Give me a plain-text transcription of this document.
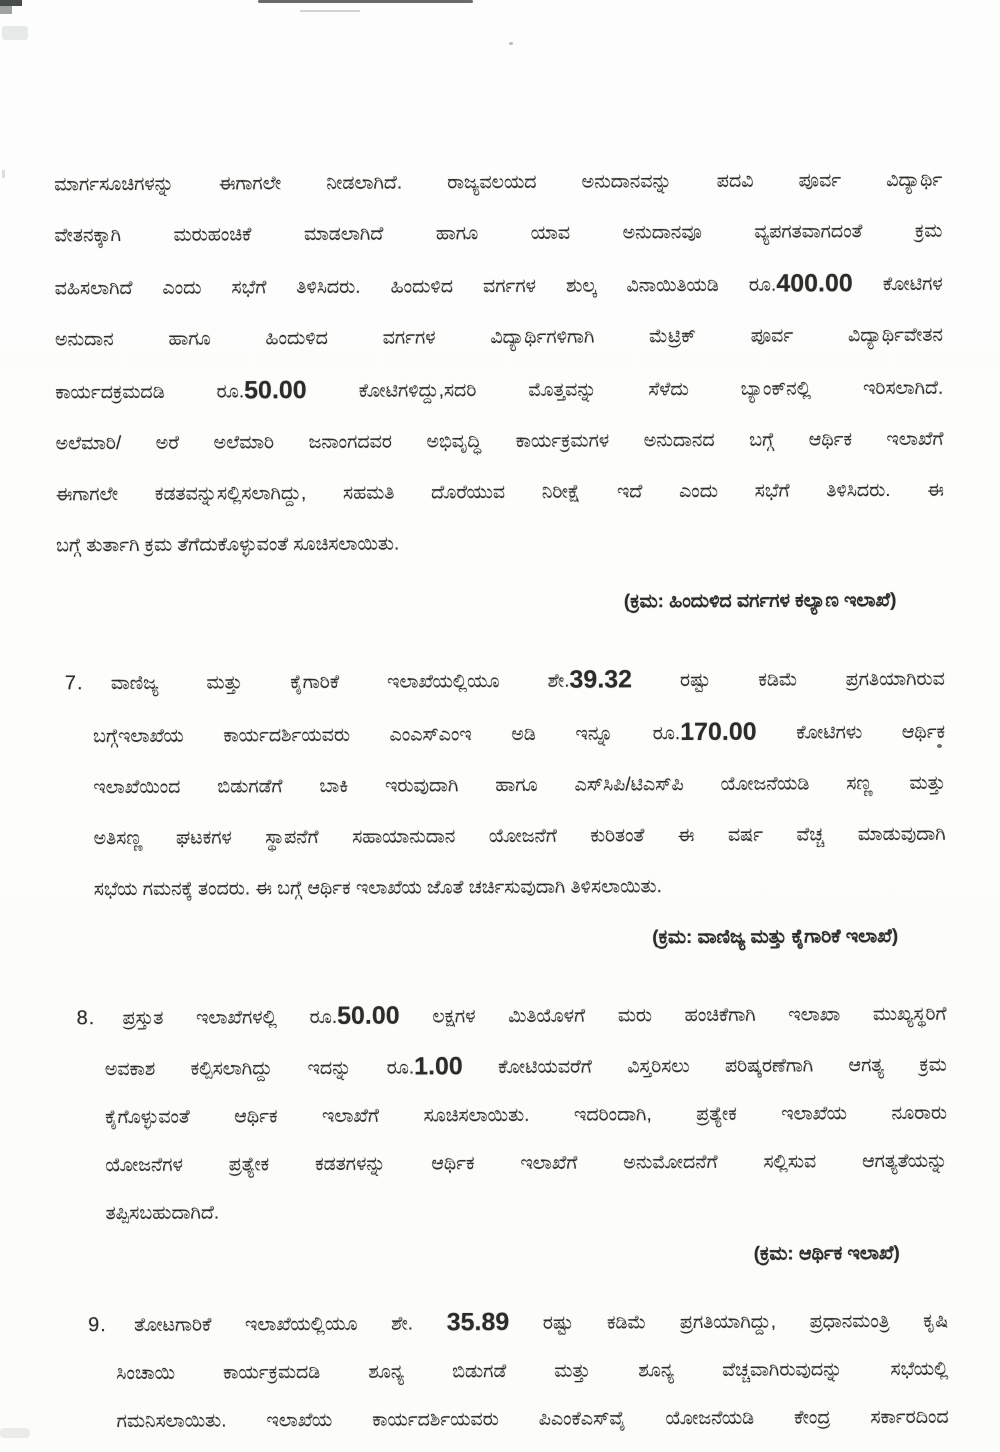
ಮಾರ್ಗಸೂಚಿಗಳನ್ನು ಈಗಾಗಲೇ ನೀಡಲಾಗಿದೆ. ರಾಜ್ಯವಲಯದ ಅನುದಾನವನ್ನು ಪದವಿ ಪೂರ್ವ ವಿದ್ಯಾರ್ಥಿ
ವೇತನಕ್ಕಾಗಿ ಮರುಹಂಚಿಕೆ ಮಾಡಲಾಗಿದೆ ಹಾಗೂ ಯಾವ ಅನುದಾನವೂ ವ್ಯಪಗತವಾಗದಂತೆ ಕ್ರಮ
ವಹಿಸಲಾಗಿದೆ ಎಂದು ಸಭೆಗೆ ತಿಳಿಸಿದರು. ಹಿಂದುಳಿದ ವರ್ಗಗಳ ಶುಲ್ಕ ವಿನಾಯಿತಿಯಡಿ ರೂ.400.00 ಕೋಟಿಗಳ
ಅನುದಾನ ಹಾಗೂ ಹಿಂದುಳಿದ ವರ್ಗಗಳ ವಿದ್ಯಾರ್ಥಿಗಳಿಗಾಗಿ ಮೆಟ್ರಿಕ್ ಪೂರ್ವ ವಿದ್ಯಾರ್ಥಿವೇತನ
ಕಾರ್ಯದಕ್ರಮದಡಿ ರೂ.50.00 ಕೋಟಿಗಳಿದ್ದು,ಸದರಿ ಮೊತ್ತವನ್ನು ಸೆಳೆದು ಬ್ಯಾಂಕ್‌ನಲ್ಲಿ ಇರಿಸಲಾಗಿದೆ.
ಅಲೆಮಾರಿ/ ಅರೆ ಅಲೆಮಾರಿ ಜನಾಂಗದವರ ಅಭಿವೃದ್ಧಿ ಕಾರ್ಯಕ್ರಮಗಳ ಅನುದಾನದ ಬಗ್ಗೆ ಆರ್ಥಿಕ ಇಲಾಖೆಗೆ
ಈಗಾಗಲೇ ಕಡತವನ್ನುಸಲ್ಲಿಸಲಾಗಿದ್ದು, ಸಹಮತಿ ದೊರೆಯುವ ನಿರೀಕ್ಷೆ ಇದೆ ಎಂದು ಸಭೆಗೆ ತಿಳಿಸಿದರು. ಈ
ಬಗ್ಗೆ ತುರ್ತಾಗಿ ಕ್ರಮ ತೆಗೆದುಕೊಳ್ಳುವಂತೆ ಸೂಚಿಸಲಾಯಿತು.
(ಕ್ರಮ: ಹಿಂದುಳಿದ ವರ್ಗಗಳ ಕಲ್ಯಾಣ ಇಲಾಖೆ)
7. ವಾಣಿಜ್ಯ ಮತ್ತು ಕೈಗಾರಿಕೆ ಇಲಾಖೆಯಲ್ಲಿಯೂ ಶೇ.39.32 ರಷ್ಟು ಕಡಿಮೆ ಪ್ರಗತಿಯಾಗಿರುವ
ಬಗ್ಗೆಇಲಾಖೆಯ ಕಾರ್ಯದರ್ಶಿಯವರು ಎಂಎಸ್‌ಎಂಇ ಅಡಿ ಇನ್ನೂ ರೂ.170.00 ಕೋಟಿಗಳು ಆರ್ಥಿಕ
ಇಲಾಖೆಯಿಂದ ಬಿಡುಗಡೆಗೆ ಬಾಕಿ ಇರುವುದಾಗಿ ಹಾಗೂ ಎಸ್‌ಸಿಪಿ/ಟಿಎಸ್‌ಪಿ ಯೋಜನೆಯಡಿ ಸಣ್ಣ ಮತ್ತು
ಅತಿಸಣ್ಣ ಘಟಕಗಳ ಸ್ಥಾಪನೆಗೆ ಸಹಾಯಾನುದಾನ ಯೋಜನೆಗೆ ಕುರಿತಂತೆ ಈ ವರ್ಷ ವೆಚ್ಚ ಮಾಡುವುದಾಗಿ
ಸಭೆಯ ಗಮನಕ್ಕೆ ತಂದರು. ಈ ಬಗ್ಗೆ ಆರ್ಥಿಕ ಇಲಾಖೆಯ ಜೊತೆ ಚರ್ಚಿಸುವುದಾಗಿ ತಿಳಿಸಲಾಯಿತು.
(ಕ್ರಮ: ವಾಣಿಜ್ಯ ಮತ್ತು ಕೈಗಾರಿಕೆ ಇಲಾಖೆ)
8. ಪ್ರಸ್ತುತ ಇಲಾಖೆಗಳಲ್ಲಿ ರೂ.50.00 ಲಕ್ಷಗಳ ಮಿತಿಯೊಳಗೆ ಮರು ಹಂಚಿಕೆಗಾಗಿ ಇಲಾಖಾ ಮುಖ್ಯಸ್ಥರಿಗೆ
ಅವಕಾಶ ಕಲ್ಪಿಸಲಾಗಿದ್ದು ಇದನ್ನು ರೂ.1.00 ಕೋಟಿಯವರೆಗೆ ವಿಸ್ತರಿಸಲು ಪರಿಷ್ಕರಣೆಗಾಗಿ ಆಗತ್ಯ ಕ್ರಮ
ಕೈಗೊಳ್ಳುವಂತೆ ಆರ್ಥಿಕ ಇಲಾಖೆಗೆ ಸೂಚಿಸಲಾಯಿತು. ಇದರಿಂದಾಗಿ, ಪ್ರತ್ಯೇಕ ಇಲಾಖೆಯ ನೂರಾರು
ಯೋಜನೆಗಳ ಪ್ರತ್ಯೇಕ ಕಡತಗಳನ್ನು ಆರ್ಥಿಕ ಇಲಾಖೆಗೆ ಅನುಮೋದನೆಗೆ ಸಲ್ಲಿಸುವ ಆಗತ್ಯತೆಯನ್ನು
ತಪ್ಪಿಸಬಹುದಾಗಿದೆ.
(ಕ್ರಮ: ಆರ್ಥಿಕ ಇಲಾಖೆ)
9. ತೋಟಗಾರಿಕೆ ಇಲಾಖೆಯಲ್ಲಿಯೂ ಶೇ. 35.89 ರಷ್ಟು ಕಡಿಮೆ ಪ್ರಗತಿಯಾಗಿದ್ದು, ಪ್ರಧಾನಮಂತ್ರಿ ಕೃಷಿ
ಸಿಂಚಾಯಿ ಕಾರ್ಯಕ್ರಮದಡಿ ಶೂನ್ಯ ಬಿಡುಗಡೆ ಮತ್ತು ಶೂನ್ಯ ವೆಚ್ಚವಾಗಿರುವುದನ್ನು ಸಭೆಯಲ್ಲಿ
ಗಮನಿಸಲಾಯಿತು. ಇಲಾಖೆಯ ಕಾರ್ಯದರ್ಶಿಯವರು ಪಿಎಂಕೆಎಸ್‌ವೈ ಯೋಜನೆಯಡಿ ಕೇಂದ್ರ ಸರ್ಕಾರದಿಂದ
